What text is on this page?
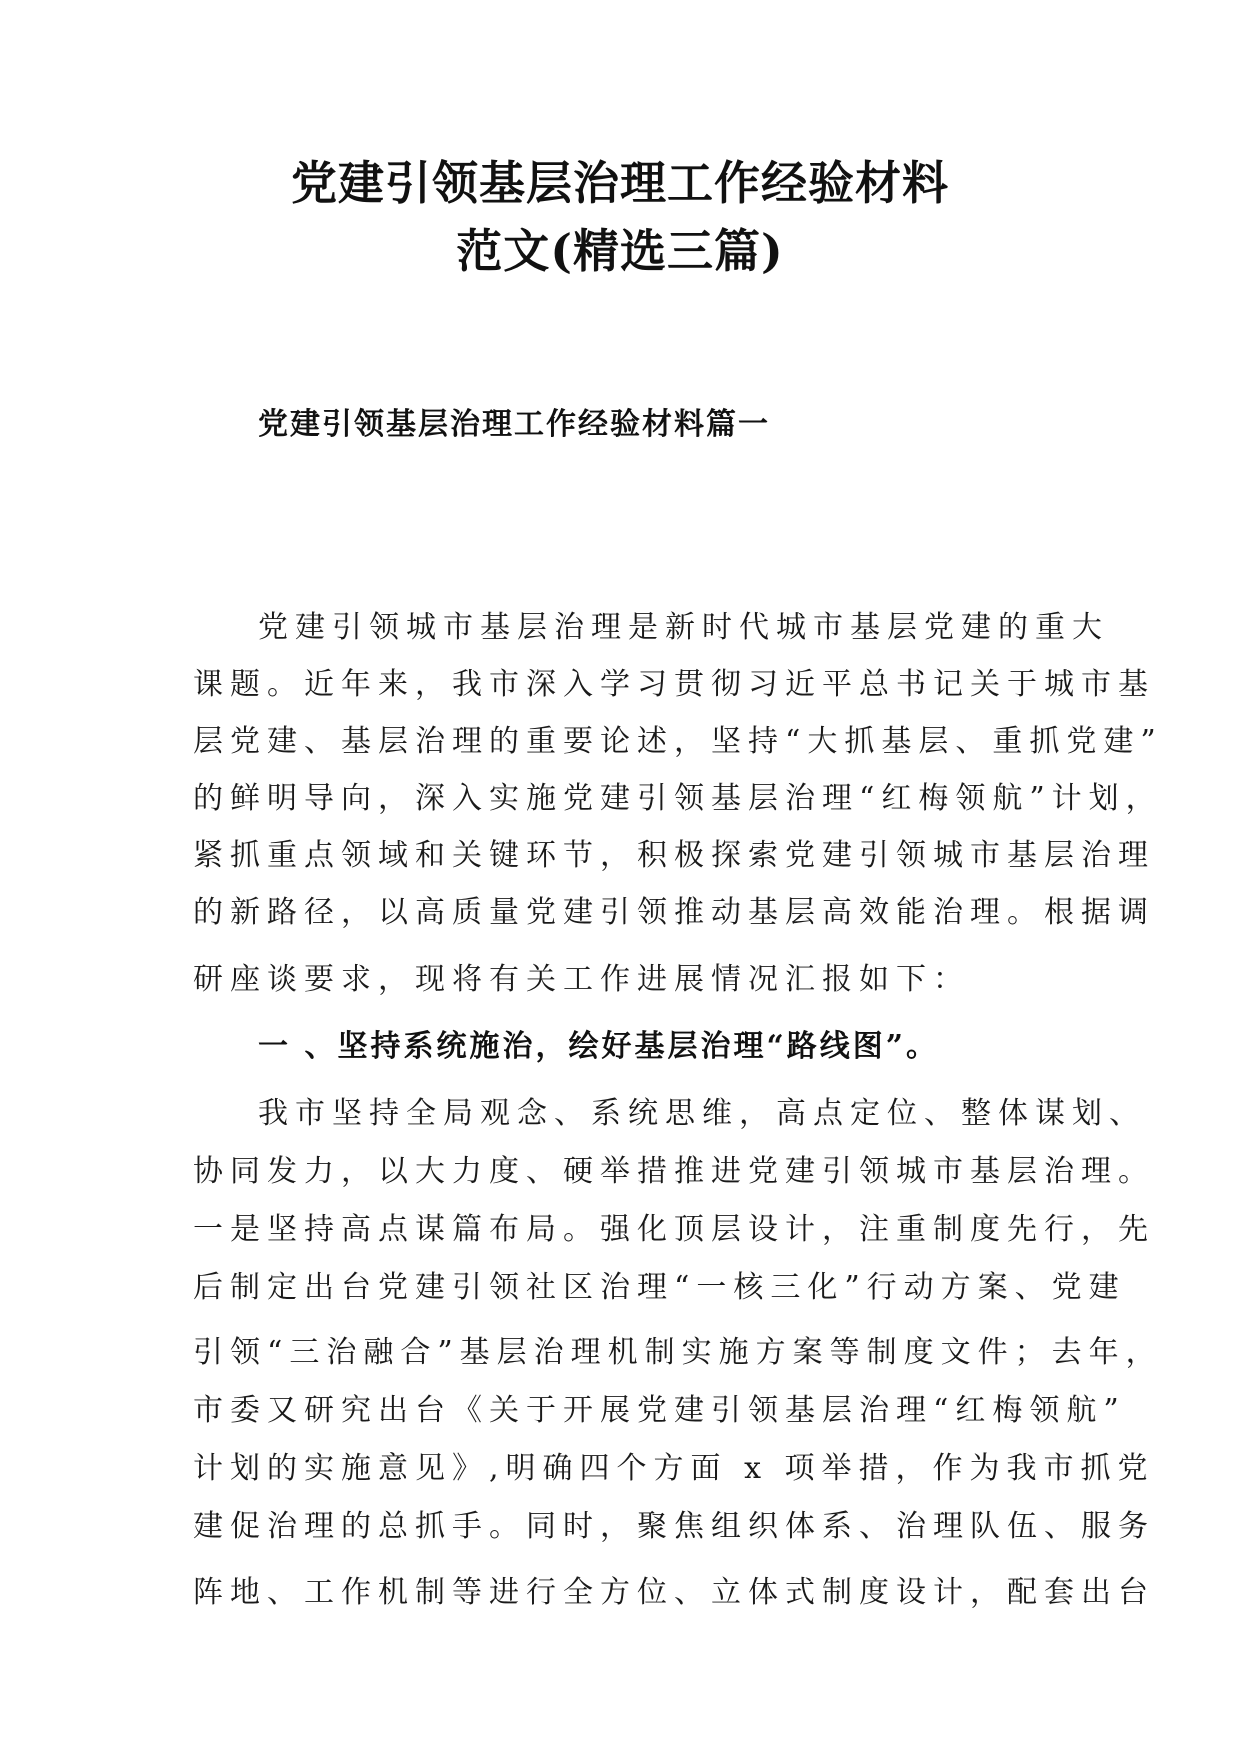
党建引领基层治理工作经验材料
范文(精选三篇)
党建引领基层治理工作经验材料篇一
党建引领城市基层治理是新时代城市基层党建的重大
课题。近年来，我市深入学习贯彻习近平总书记关于城市基
层党建、基层治理的重要论述，坚持“大抓基层、重抓党建”
的鲜明导向，深入实施党建引领基层治理“红梅领航”计划，
紧抓重点领域和关键环节，积极探索党建引领城市基层治理
的新路径，以高质量党建引领推动基层高效能治理。根据调
研座谈要求，现将有关工作进展情况汇报如下：
一 、坚持系统施治，绘好基层治理“路线图”。
我市坚持全局观念、系统思维，高点定位、整体谋划、
协同发力，以大力度、硬举措推进党建引领城市基层治理。
一是坚持高点谋篇布局。强化顶层设计，注重制度先行，先
后制定出台党建引领社区治理“一核三化”行动方案、党建
引领“三治融合”基层治理机制实施方案等制度文件；去年，
市委又研究出台《关于开展党建引领基层治理“红梅领航”
计划的实施意见》,明确四个方面 x 项举措，作为我市抓党
建促治理的总抓手。同时，聚焦组织体系、治理队伍、服务
阵地、工作机制等进行全方位、立体式制度设计，配套出台
